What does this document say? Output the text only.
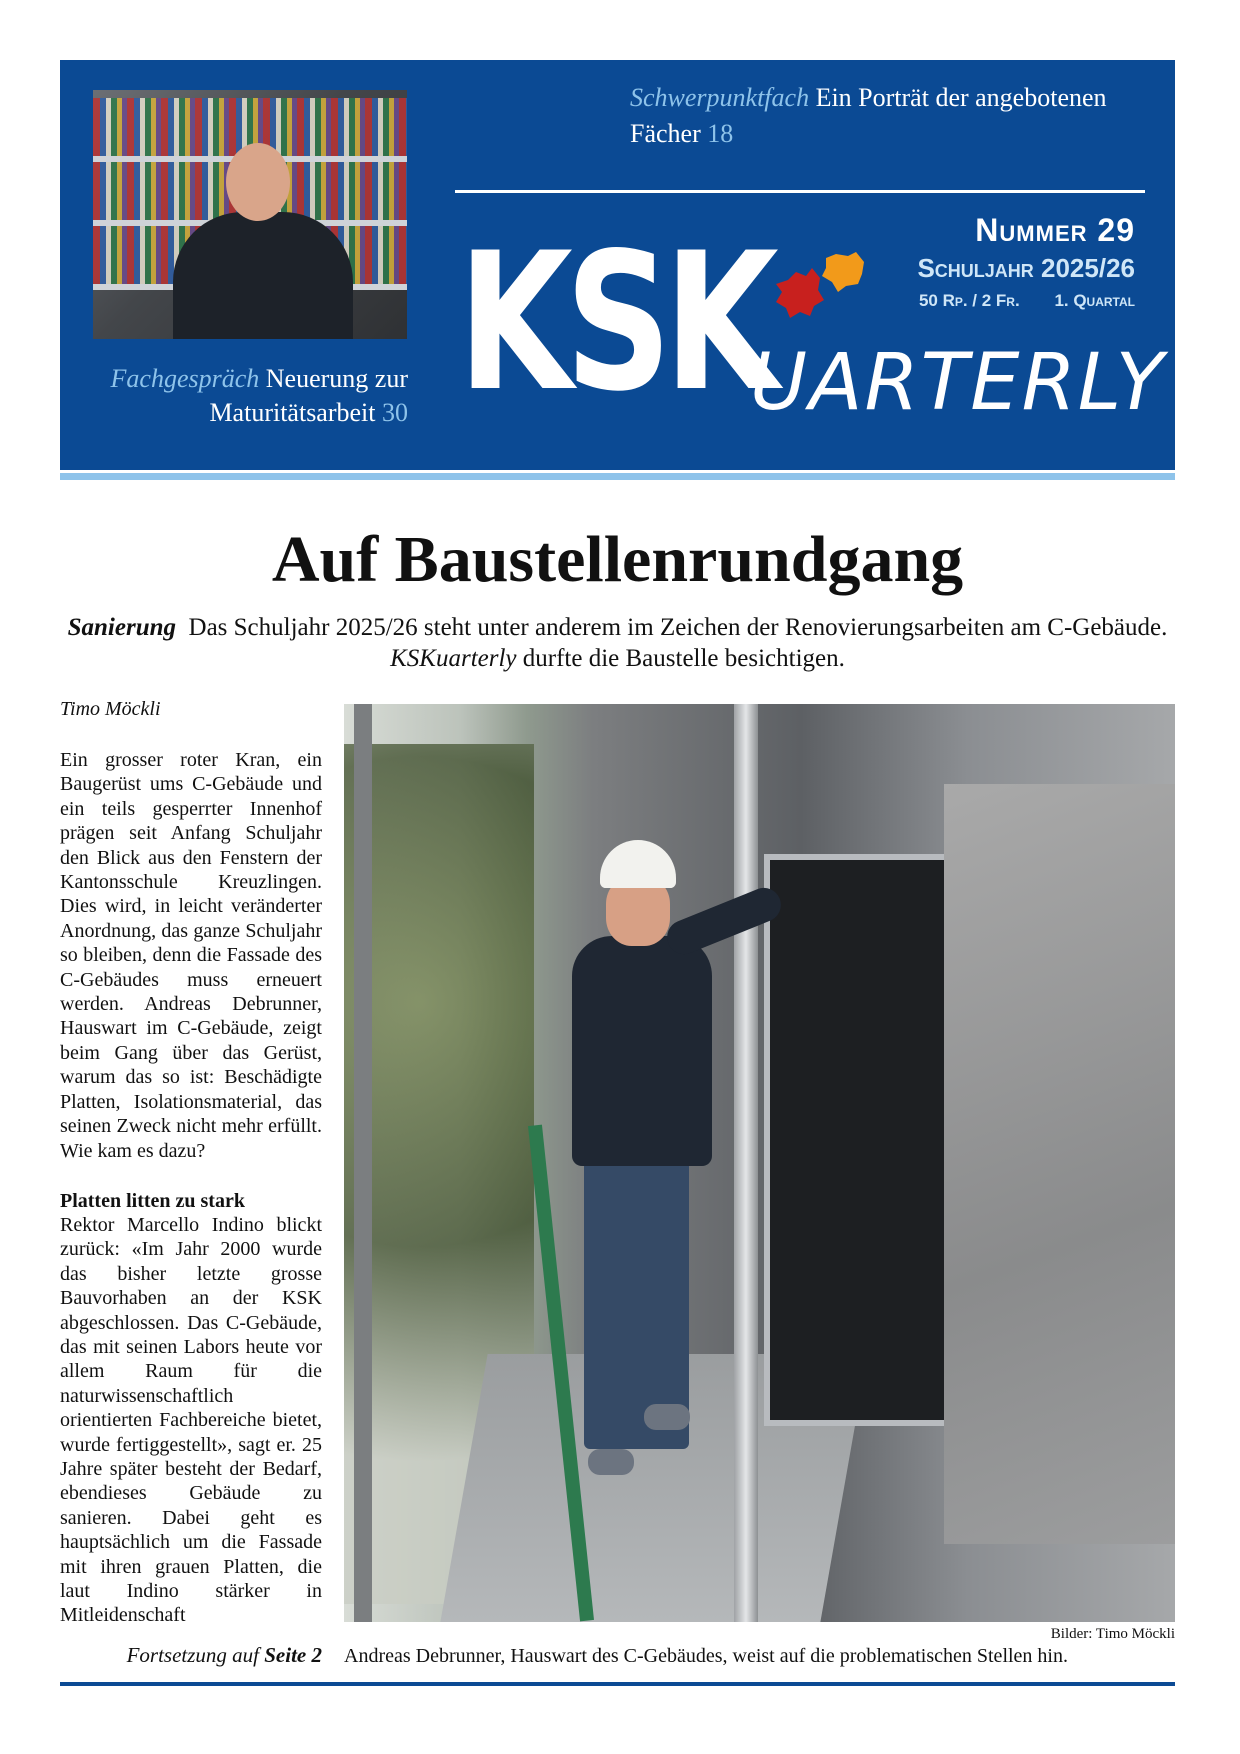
Schwerpunktfach Ein Porträt der angebotenen Fächer 18
Fachgespräch Neuerung zur Maturitätsarbeit 30 KSK
UARTERLY
Nummer 29
Schuljahr 2025/26
50 Rp. / 2 Fr. 1. Quartal
Auf Baustellenrundgang
Sanierung Das Schuljahr 2025/26 steht unter anderem im Zeichen der Renovierungsarbeiten am C-Gebäude. KSKuarterly durfte die Baustelle besichtigen.
Timo Möckli

Ein grosser roter Kran, ein Baugerüst ums C-Gebäude und ein teils gesperrter Innenhof prägen seit Anfang Schuljahr den Blick aus den Fenstern der Kantonsschule Kreuzlingen. Dies wird, in leicht veränderter Anordnung, das ganze Schuljahr so bleiben, denn die Fassade des C-Gebäudes muss erneuert werden. Andreas Debrunner, Hauswart im C-Gebäude, zeigt beim Gang über das Gerüst, warum das so ist: Beschädigte Platten, Isolationsmaterial, das seinen Zweck nicht mehr erfüllt. Wie kam es dazu?

Platten litten zu stark

Rektor Marcello Indino blickt zurück: «Im Jahr 2000 wurde das bisher letzte grosse Bauvorhaben an der KSK abgeschlossen. Das C-Gebäude, das mit seinen Labors heute vor allem Raum für die naturwissenschaftlich orientierten Fachbereiche bietet, wurde fertiggestellt», sagt er. 25 Jahre später besteht der Bedarf, ebendieses Gebäude zu sanieren. Dabei geht es hauptsächlich um die Fassade mit ihren grauen Platten, die laut Indino stärker in Mitleidenschaft

Fortsetzung auf Seite 2
Bilder: Timo Möckli
Andreas Debrunner, Hauswart des C-Gebäudes, weist auf die problematischen Stellen hin.
